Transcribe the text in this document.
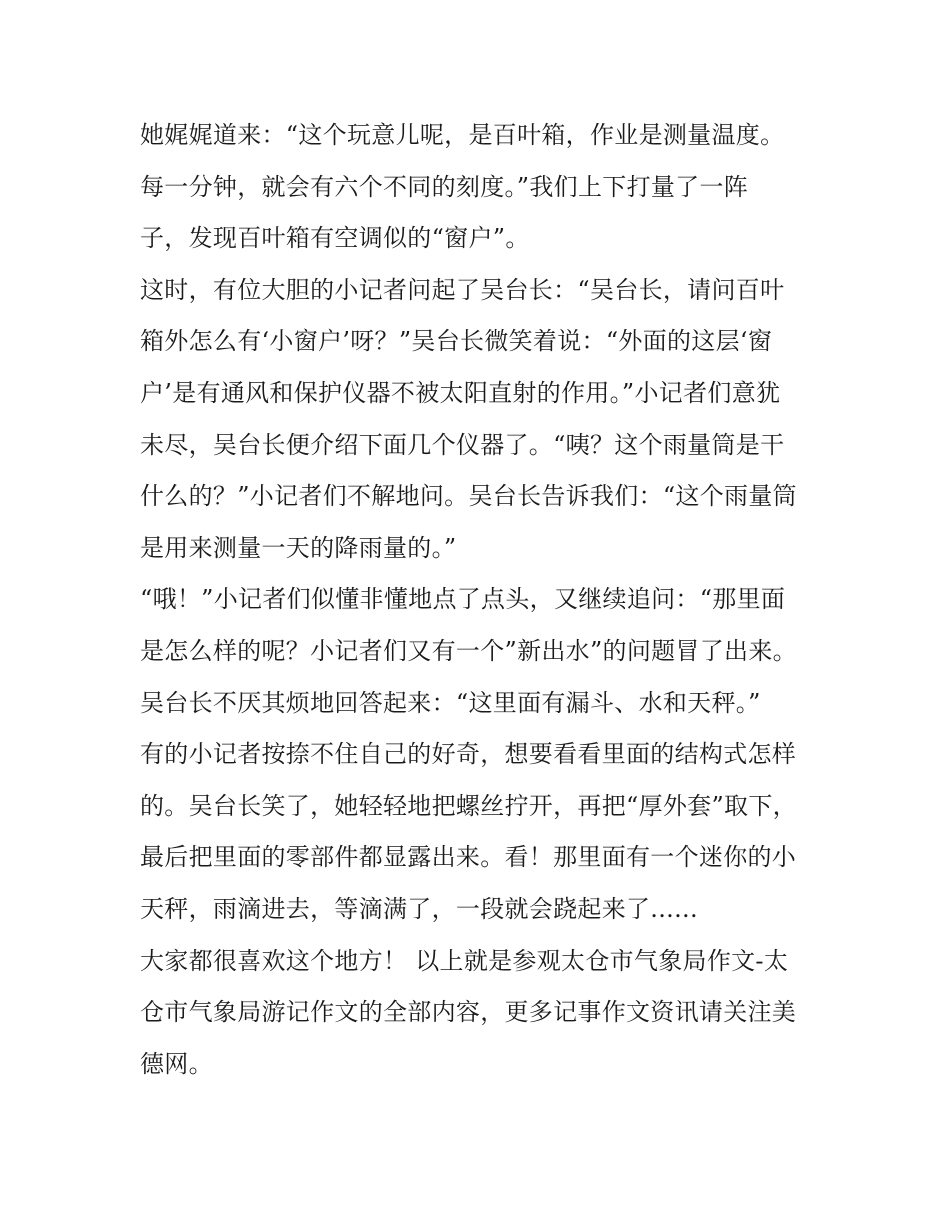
她娓娓道来：“这个玩意儿呢，是百叶箱，作业是测量温度。
每一分钟，就会有六个不同的刻度。”我们上下打量了一阵
子，发现百叶箱有空调似的“窗户”。
这时，有位大胆的小记者问起了吴台长：“吴台长，请问百叶
箱外怎么有‘小窗户’呀？”吴台长微笑着说：“外面的这层‘窗
户’是有通风和保护仪器不被太阳直射的作用。”小记者们意犹
未尽，吴台长便介绍下面几个仪器了。“咦？这个雨量筒是干
什么的？”小记者们不解地问。吴台长告诉我们：“这个雨量筒
是用来测量一天的降雨量的。”
“哦！”小记者们似懂非懂地点了点头，又继续追问：“那里面
是怎么样的呢？小记者们又有一个”新出水”的问题冒了出来。
吴台长不厌其烦地回答起来：“这里面有漏斗、水和天秤。”
有的小记者按捺不住自己的好奇，想要看看里面的结构式怎样
的。吴台长笑了，她轻轻地把螺丝拧开，再把“厚外套”取下，
最后把里面的零部件都显露出来。看！那里面有一个迷你的小
天秤，雨滴进去，等滴满了，一段就会跷起来了......
大家都很喜欢这个地方！ 以上就是参观太仓市气象局作文-太
仓市气象局游记作文的全部内容，更多记事作文资讯请关注美
德网。
